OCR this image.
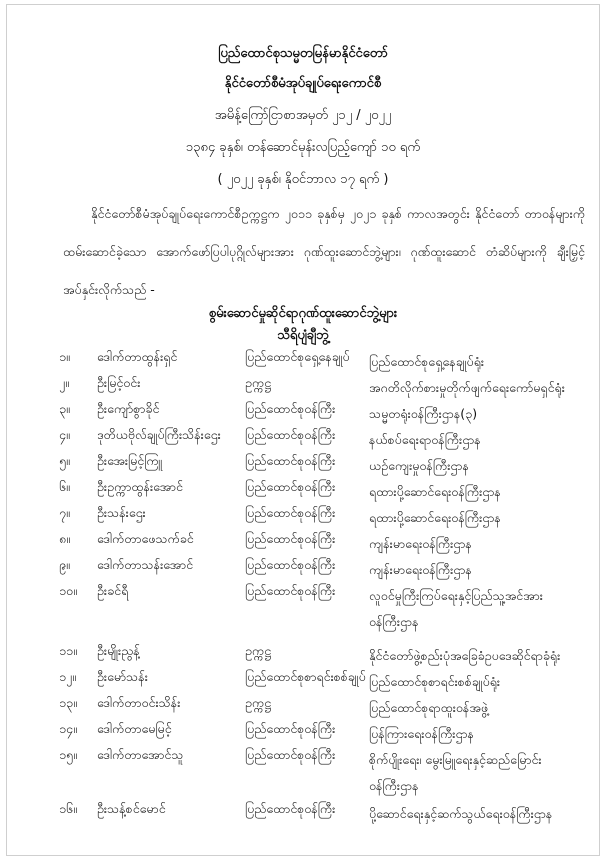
ပြည်ထောင်စုသမ္မတမြန်မာနိုင်ငံတော်
နိုင်ငံတော်စီမံအုပ်ချုပ်ရေးကောင်စီ
အမိန့်ကြော်ငြာစာအမှတ် ၂၁၂ / ၂၀၂၂
၁၃၈၄ ခုနှစ်၊ တန်ဆောင်မုန်းလပြည့်ကျော် ၁၀ ရက်
( ၂၀၂၂ ခုနှစ်၊ နိုဝင်ဘာလ ၁၇ ရက် )
နိုင်ငံတော်စီမံအုပ်ချုပ်ရေးကောင်စီဥက္ကဋ္ဌက ၂၀၁၁ ခုနှစ်မှ ၂၀၂၁ ခုနှစ် ကာလအတွင်း နိုင်ငံတော် တာဝန်များကို ထမ်းဆောင်ခဲ့သော အောက်ဖော်ပြပါပုဂ္ဂိုလ်များအား ဂုဏ်ထူးဆောင်ဘွဲ့များ၊ ဂုဏ်ထူးဆောင် တံဆိပ်များကို ချီးမြှင့်အပ်နှင်းလိုက်သည် -
စွမ်းဆောင်မှုဆိုင်ရာဂုဏ်ထူးဆောင်ဘွဲ့များ
သီရိပျံချီဘွဲ့
၁။	ဒေါက်တာထွန်းရှင်	ပြည်ထောင်စုရှေ့နေချုပ်	ပြည်ထောင်စုရှေ့နေချုပ်ရုံး
၂။	ဦးမြင့်ဝင်း	ဥက္ကဋ္ဌ	အဂတိလိုက်စားမှုတိုက်ဖျက်ရေးကော်မရှင်ရုံး
၃။	ဦးကျော်စွာခိုင်	ပြည်ထောင်စုဝန်ကြီး	သမ္မတရုံးဝန်ကြီးဌာန(၃)
၄။	ဒုတိယဗိုလ်ချုပ်ကြီးသိန်းဌေး	ပြည်ထောင်စုဝန်ကြီး	နယ်စပ်ရေးရာဝန်ကြီးဌာန
၅။	ဦးအေးမြင့်ကြူ	ပြည်ထောင်စုဝန်ကြီး	ယဉ်ကျေးမှုဝန်ကြီးဌာန
၆။	ဦးဥက္ကာထွန်းအောင်	ပြည်ထောင်စုဝန်ကြီး	ရထားပို့ဆောင်ရေးဝန်ကြီးဌာန
၇။	ဦးသန်းဌေး	ပြည်ထောင်စုဝန်ကြီး	ရထားပို့ဆောင်ရေးဝန်ကြီးဌာန
၈။	ဒေါက်တာဖေသက်ခင်	ပြည်ထောင်စုဝန်ကြီး	ကျန်းမာရေးဝန်ကြီးဌာန
၉။	ဒေါက်တာသန်းအောင်	ပြည်ထောင်စုဝန်ကြီး	ကျန်းမာရေးဝန်ကြီးဌာန
၁၀။	ဦးခင်ရီ	ပြည်ထောင်စုဝန်ကြီး	လူဝင်မှုကြီးကြပ်ရေးနှင့်ပြည်သူ့အင်အား ဝန်ကြီးဌာန
၁၁။	ဦးမျိုးညွန့်	ဥက္ကဋ္ဌ	နိုင်ငံတော်ဖွဲ့စည်းပုံအခြေခံဥပဒေဆိုင်ရာခုံရုံး
၁၂။	ဦးမော်သန်း	ပြည်ထောင်စုစာရင်းစစ်ချုပ် ပြည်ထောင်စုစာရင်းစစ်ချုပ်ရုံး
၁၃။	ဒေါက်တာဝင်းသိန်း	ဥက္ကဋ္ဌ	ပြည်ထောင်စုရာထူးဝန်အဖွဲ့
၁၄။	ဒေါက်တာမေမြင့်	ပြည်ထောင်စုဝန်ကြီး	ပြန်ကြားရေးဝန်ကြီးဌာန
၁၅။	ဒေါက်တာအောင်သူ	ပြည်ထောင်စုဝန်ကြီး	စိုက်ပျိုးရေး၊ မွေးမြူရေးနှင့်ဆည်မြောင်း ဝန်ကြီးဌာန
၁၆။	ဦးသန့်စင်မောင်	ပြည်ထောင်စုဝန်ကြီး	ပို့ဆောင်ရေးနှင့်ဆက်သွယ်ရေးဝန်ကြီးဌာန
